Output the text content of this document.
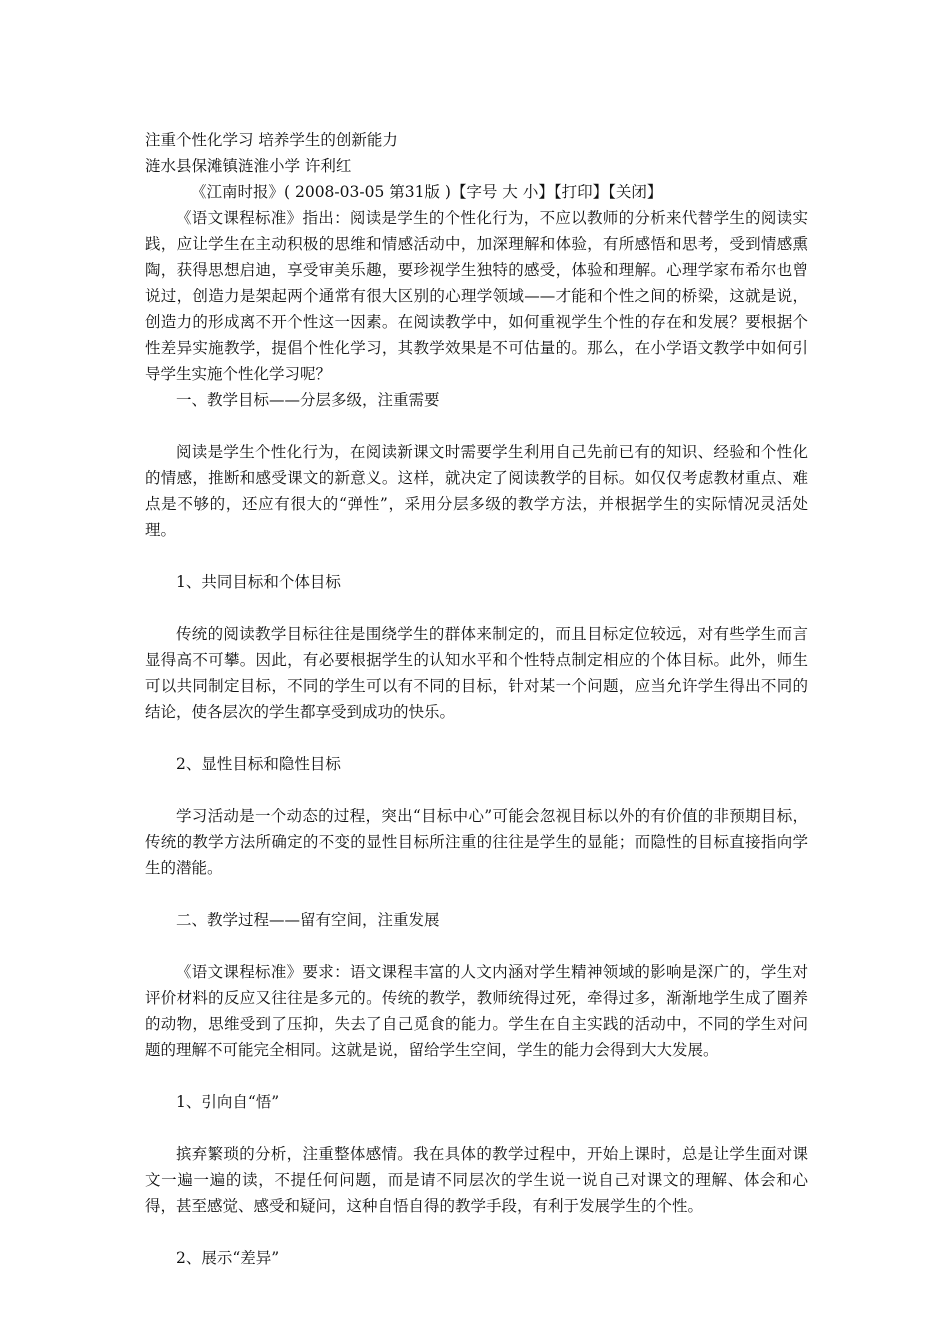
注重个性化学习 培养学生的创新能力

涟水县保滩镇涟淮小学 许利红

《江南时报》( 2008-03-05 第31版 )【字号 大 小】【打印】【关闭】

《语文课程标准》指出：阅读是学生的个性化行为，不应以教师的分析来代替学生的阅读实践，应让学生在主动积极的思维和情感活动中，加深理解和体验，有所感悟和思考，受到情感熏陶，获得思想启迪，享受审美乐趣，要珍视学生独特的感受，体验和理解。心理学家布希尔也曾说过，创造力是架起两个通常有很大区别的心理学领域——才能和个性之间的桥梁，这就是说，创造力的形成离不开个性这一因素。在阅读教学中，如何重视学生个性的存在和发展？要根据个性差异实施教学，提倡个性化学习，其教学效果是不可估量的。那么，在小学语文教学中如何引导学生实施个性化学习呢？

一、教学目标——分层多级，注重需要

阅读是学生个性化行为，在阅读新课文时需要学生利用自己先前已有的知识、经验和个性化的情感，推断和感受课文的新意义。这样，就决定了阅读教学的目标。如仅仅考虑教材重点、难点是不够的，还应有很大的“弹性”，采用分层多级的教学方法，并根据学生的实际情况灵活处理。

1、共同目标和个体目标

传统的阅读教学目标往往是围绕学生的群体来制定的，而且目标定位较远，对有些学生而言显得高不可攀。因此，有必要根据学生的认知水平和个性特点制定相应的个体目标。此外，师生可以共同制定目标，不同的学生可以有不同的目标，针对某一个问题，应当允许学生得出不同的结论，使各层次的学生都享受到成功的快乐。

2、显性目标和隐性目标

学习活动是一个动态的过程，突出“目标中心”可能会忽视目标以外的有价值的非预期目标，传统的教学方法所确定的不变的显性目标所注重的往往是学生的显能；而隐性的目标直接指向学生的潜能。

二、教学过程——留有空间，注重发展

《语文课程标准》要求：语文课程丰富的人文内涵对学生精神领域的影响是深广的，学生对评价材料的反应又往往是多元的。传统的教学，教师统得过死，牵得过多，渐渐地学生成了圈养的动物，思维受到了压抑，失去了自己觅食的能力。学生在自主实践的活动中，不同的学生对问题的理解不可能完全相同。这就是说，留给学生空间，学生的能力会得到大大发展。

1、引向自“悟”

摈弃繁琐的分析，注重整体感情。我在具体的教学过程中，开始上课时，总是让学生面对课文一遍一遍的读，不提任何问题，而是请不同层次的学生说一说自己对课文的理解、体会和心得，甚至感觉、感受和疑问，这种自悟自得的教学手段，有利于发展学生的个性。

2、展示“差异”
